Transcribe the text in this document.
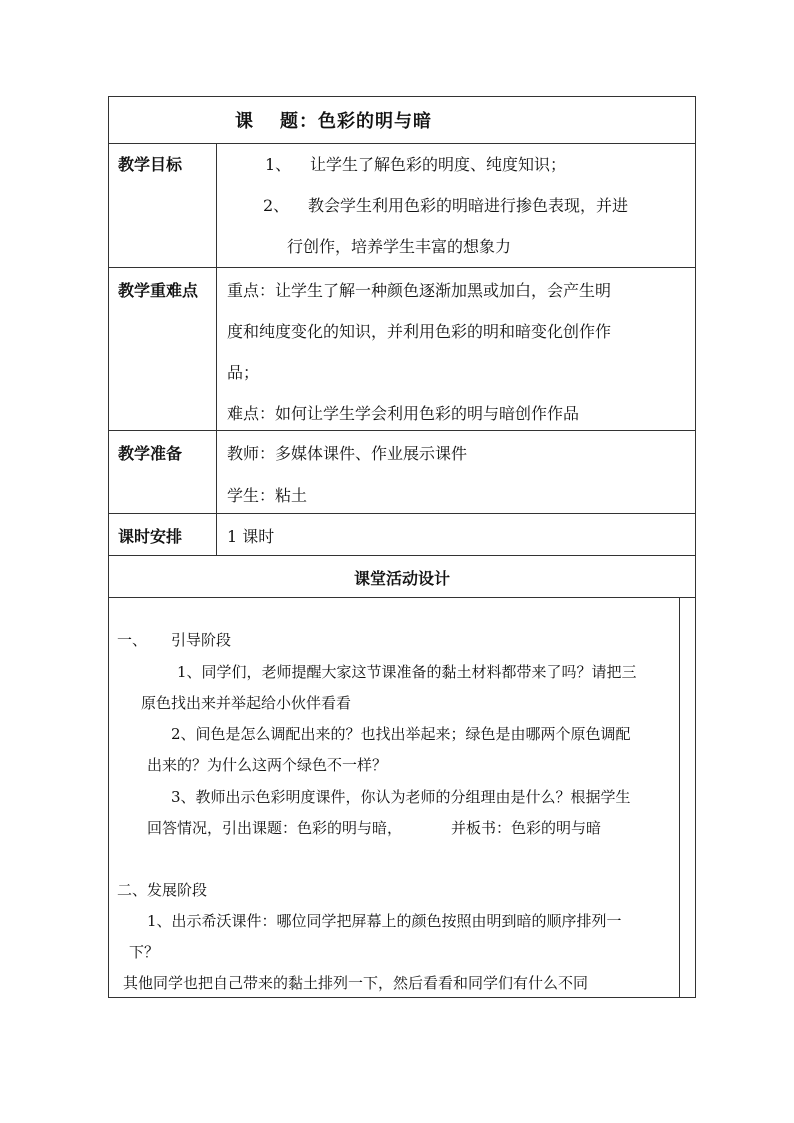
课 题：色彩的明与暗
教学目标	1、 让学生了解色彩的明度、纯度知识；
2、 教会学生利用色彩的明暗进行掺色表现，并进
行创作，培养学生丰富的想象力
教学重难点	重点：让学生了解一种颜色逐渐加黑或加白，会产生明
度和纯度变化的知识，并利用色彩的明和暗变化创作作
品；
难点：如何让学生学会利用色彩的明与暗创作作品
教学准备	教师：多媒体课件、作业展示课件
学生：粘土
课时安排	1 课时
课堂活动设计
一、 引导阶段
1、同学们，老师提醒大家这节课准备的黏土材料都带来了吗？请把三
原色找出来并举起给小伙伴看看
2、间色是怎么调配出来的？也找出举起来；绿色是由哪两个原色调配
出来的？为什么这两个绿色不一样？
3、教师出示色彩明度课件，你认为老师的分组理由是什么？根据学生
回答情况，引出课题：色彩的明与暗，	并板书：色彩的明与暗
二、发展阶段
1、出示希沃课件：哪位同学把屏幕上的颜色按照由明到暗的顺序排列一
下？
其他同学也把自己带来的黏土排列一下，然后看看和同学们有什么不同
